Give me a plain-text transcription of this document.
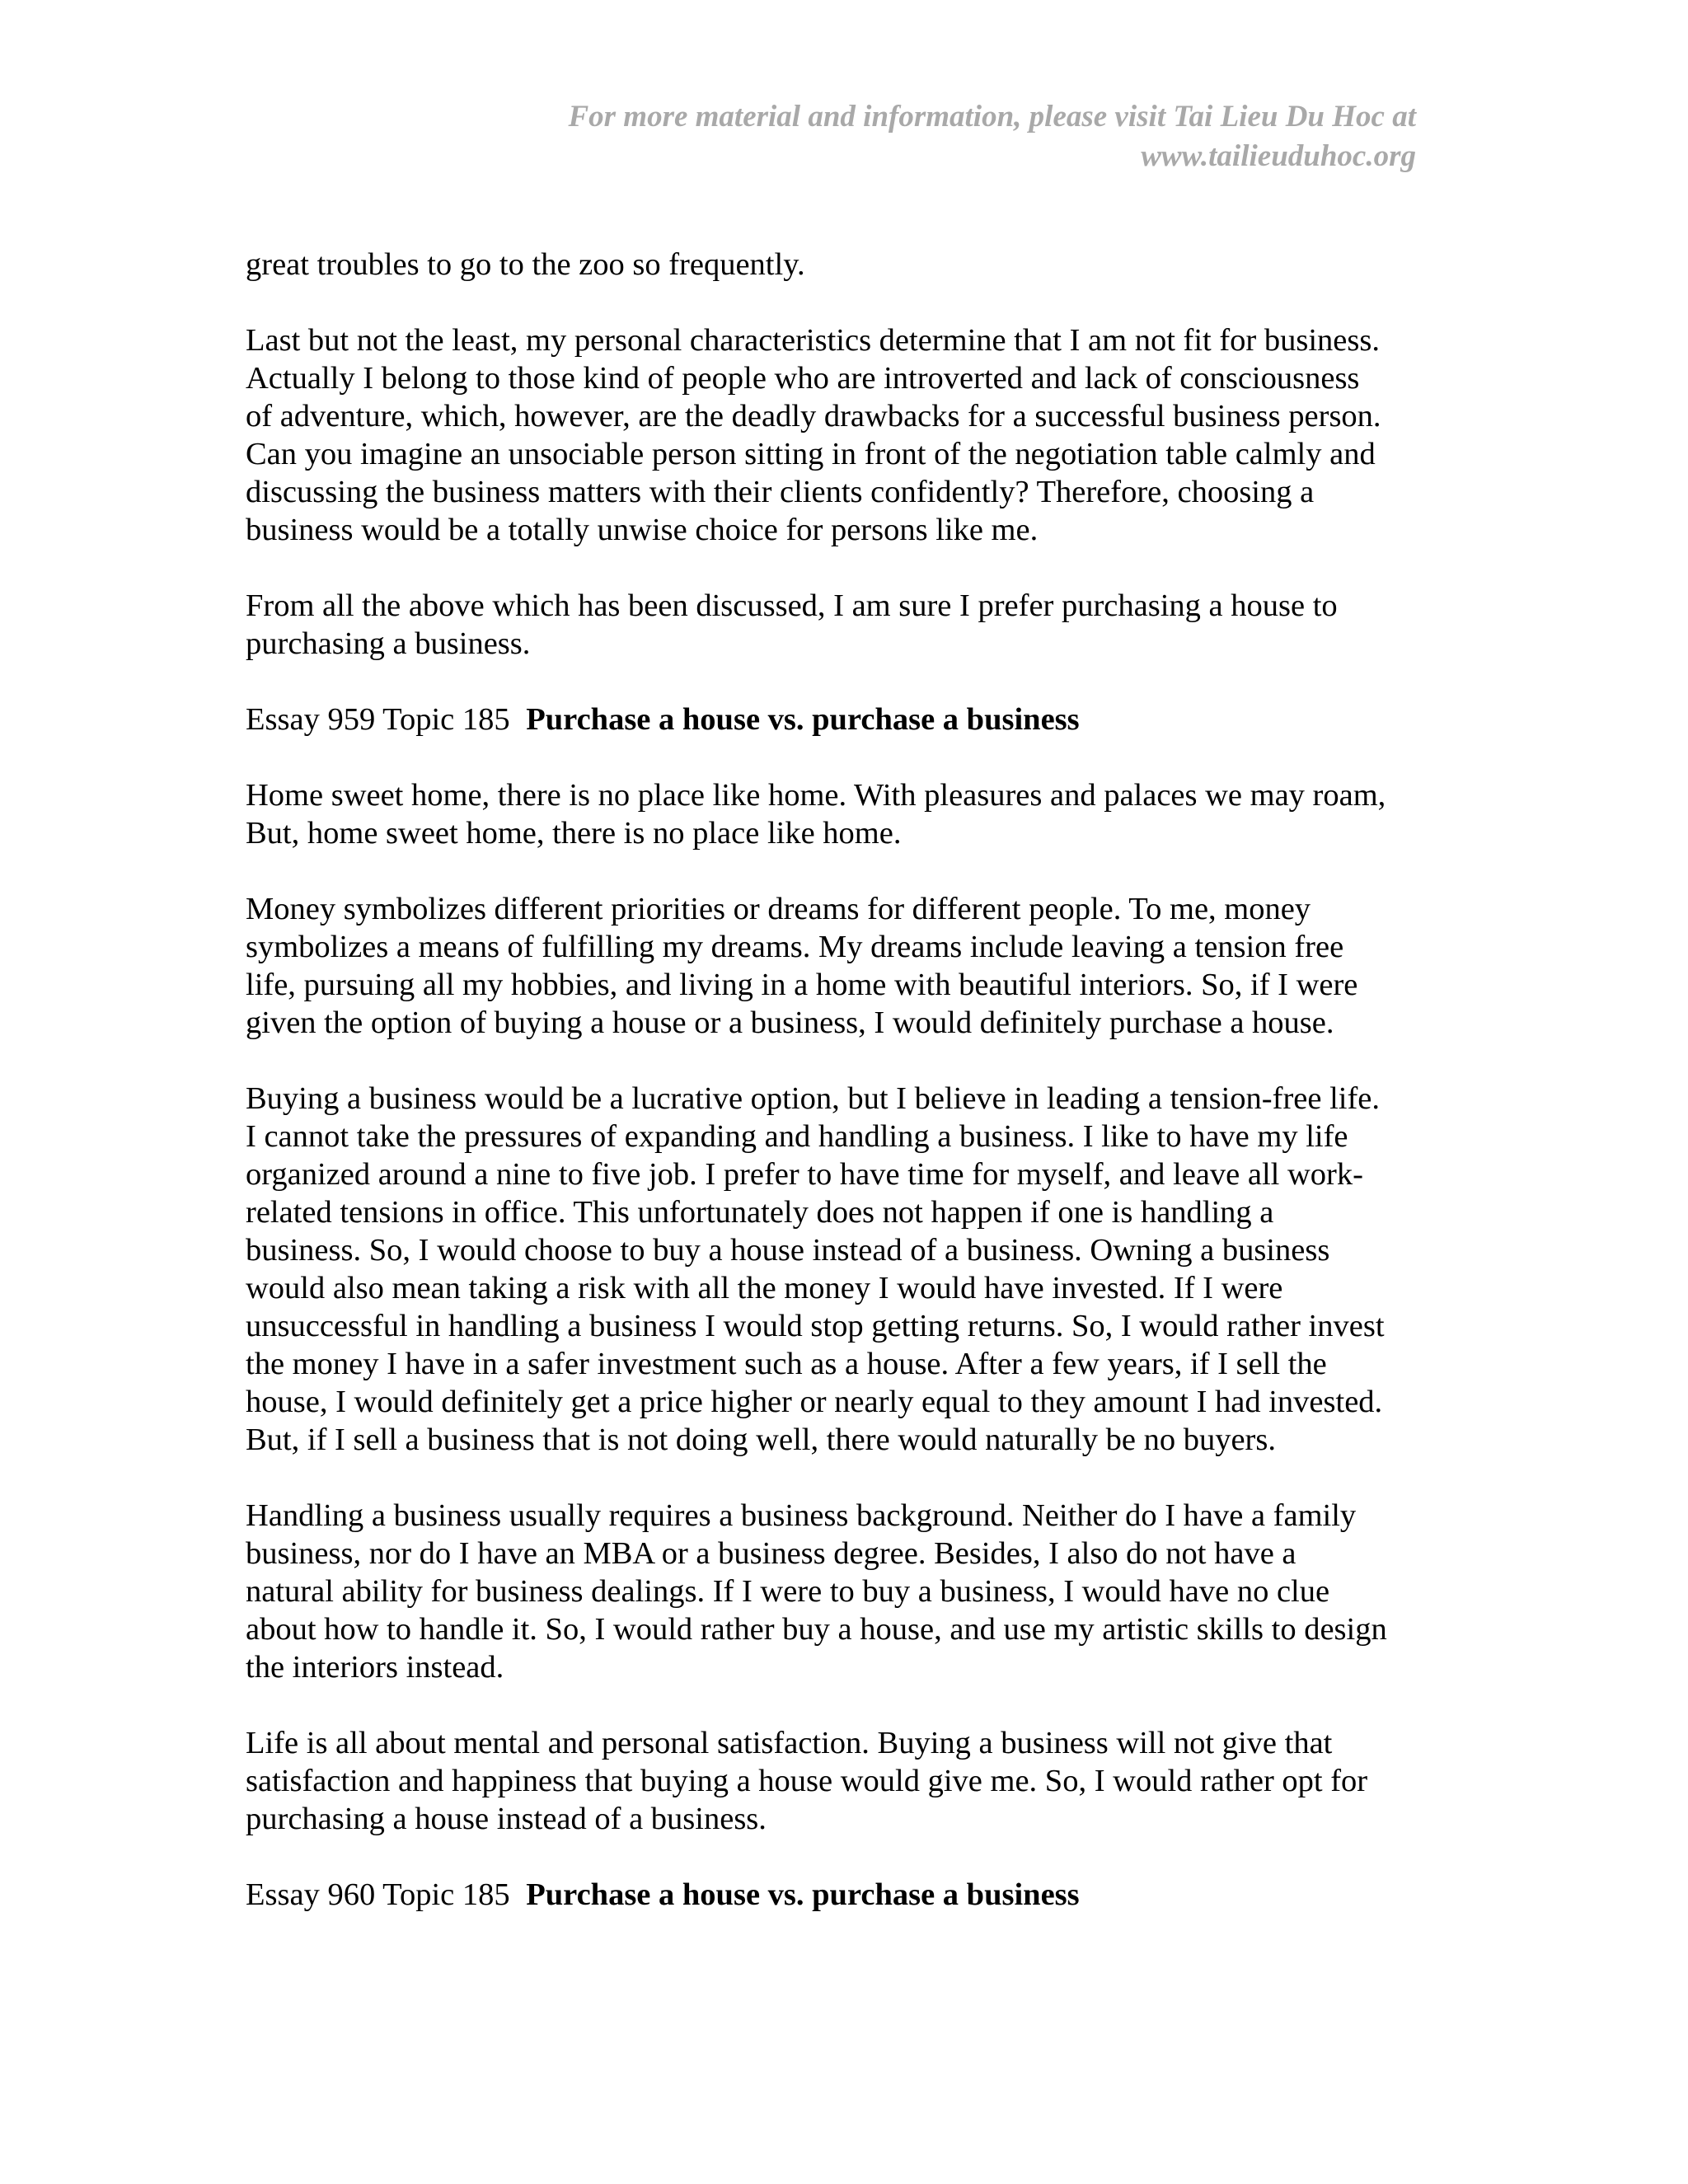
For more material and information, please visit Tai Lieu Du Hoc at
www.tailieuduhoc.org
great troubles to go to the zoo so frequently.
Last but not the least, my personal characteristics determine that I am not fit for business.
Actually I belong to those kind of people who are introverted and lack of consciousness
of adventure, which, however, are the deadly drawbacks for a successful business person.
Can you imagine an unsociable person sitting in front of the negotiation table calmly and
discussing the business matters with their clients confidently? Therefore, choosing a
business would be a totally unwise choice for persons like me.
From all the above which has been discussed, I am sure I prefer purchasing a house to
purchasing a business.
Essay 959 Topic 185 Purchase a house vs. purchase a business
Home sweet home, there is no place like home. With pleasures and palaces we may roam,
But, home sweet home, there is no place like home.
Money symbolizes different priorities or dreams for different people. To me, money
symbolizes a means of fulfilling my dreams. My dreams include leaving a tension free
life, pursuing all my hobbies, and living in a home with beautiful interiors. So, if I were
given the option of buying a house or a business, I would definitely purchase a house.
Buying a business would be a lucrative option, but I believe in leading a tension-free life.
I cannot take the pressures of expanding and handling a business. I like to have my life
organized around a nine to five job. I prefer to have time for myself, and leave all work-
related tensions in office. This unfortunately does not happen if one is handling a
business. So, I would choose to buy a house instead of a business. Owning a business
would also mean taking a risk with all the money I would have invested. If I were
unsuccessful in handling a business I would stop getting returns. So, I would rather invest
the money I have in a safer investment such as a house. After a few years, if I sell the
house, I would definitely get a price higher or nearly equal to they amount I had invested.
But, if I sell a business that is not doing well, there would naturally be no buyers.
Handling a business usually requires a business background. Neither do I have a family
business, nor do I have an MBA or a business degree. Besides, I also do not have a
natural ability for business dealings. If I were to buy a business, I would have no clue
about how to handle it. So, I would rather buy a house, and use my artistic skills to design
the interiors instead.
Life is all about mental and personal satisfaction. Buying a business will not give that
satisfaction and happiness that buying a house would give me. So, I would rather opt for
purchasing a house instead of a business.
Essay 960 Topic 185 Purchase a house vs. purchase a business
